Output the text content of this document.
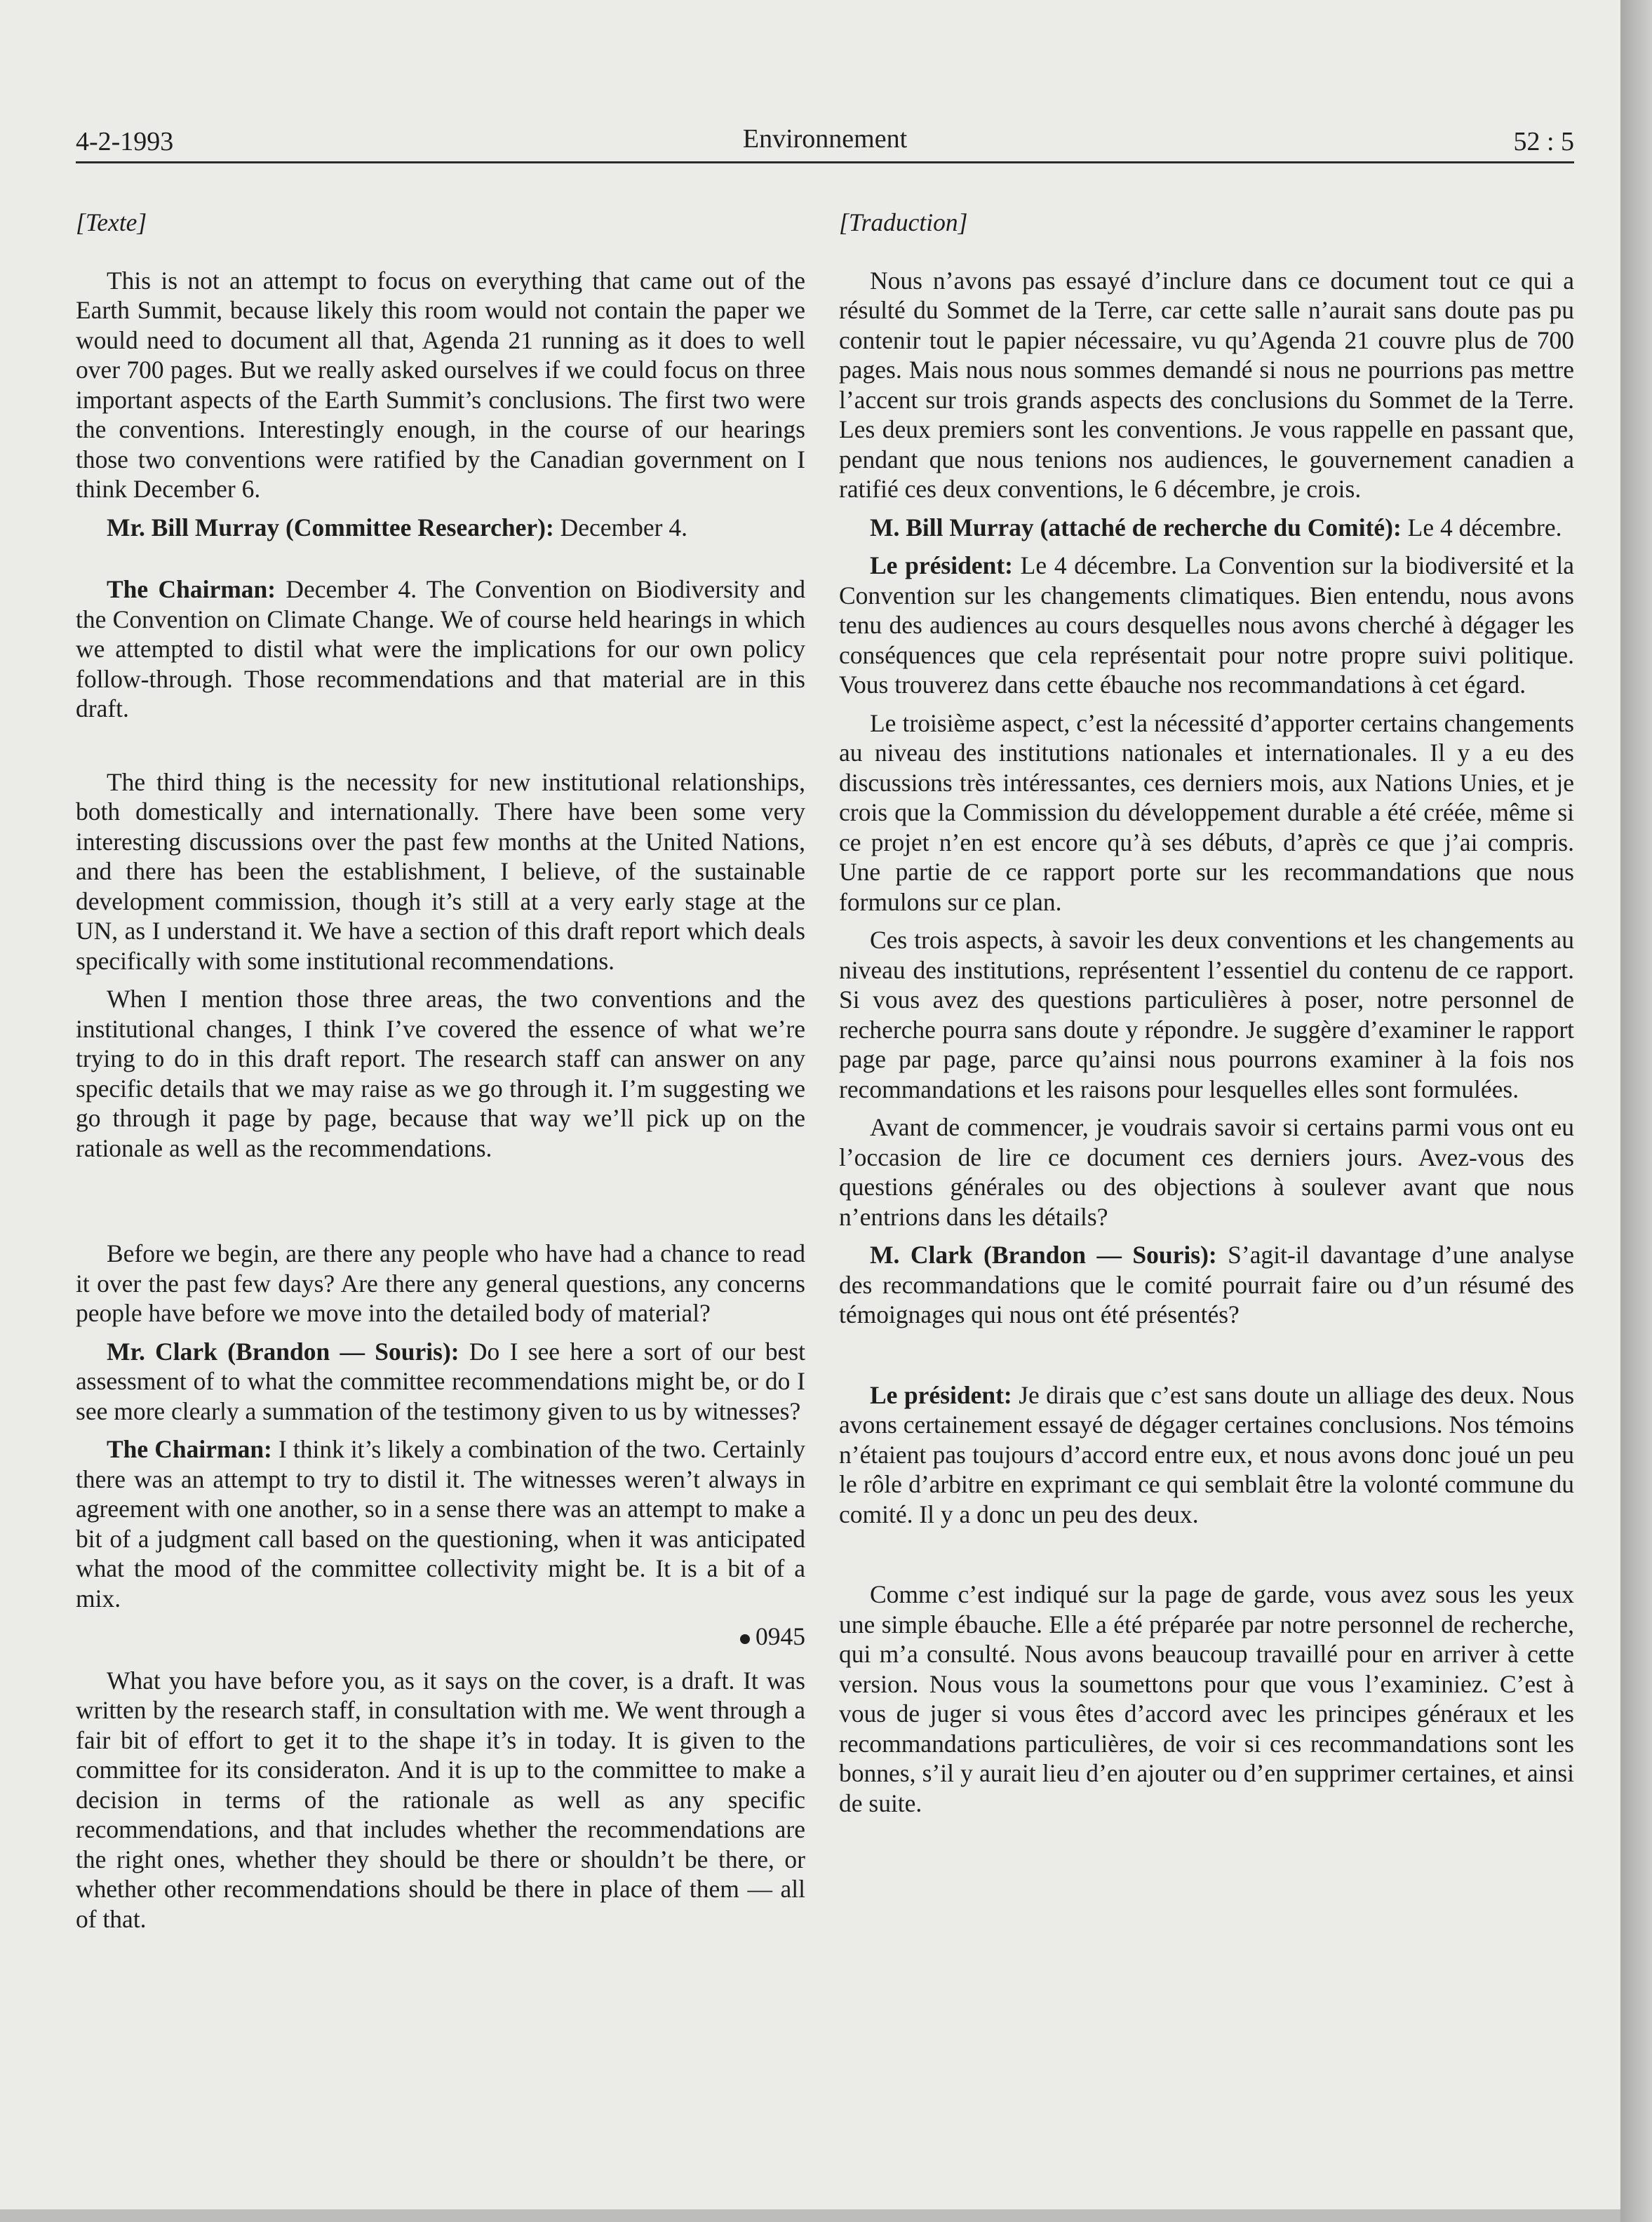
4-2-1993	Environnement	52 : 5

[Texte]

This is not an attempt to focus on everything that came out of the Earth Summit, because likely this room would not contain the paper we would need to document all that, Agenda 21 running as it does to well over 700 pages. But we really asked ourselves if we could focus on three important aspects of the Earth Summit’s conclusions. The first two were the conventions. Interestingly enough, in the course of our hearings those two conventions were ratified by the Canadian government on I think December 6.

Mr. Bill Murray (Committee Researcher): December 4.

The Chairman: December 4. The Convention on Biodiversity and the Convention on Climate Change. We of course held hearings in which we attempted to distil what were the implications for our own policy follow-through. Those recommendations and that material are in this draft.

The third thing is the necessity for new institutional relationships, both domestically and internationally. There have been some very interesting discussions over the past few months at the United Nations, and there has been the establishment, I believe, of the sustainable development commission, though it’s still at a very early stage at the UN, as I understand it. We have a section of this draft report which deals specifically with some institutional recommendations.

When I mention those three areas, the two conventions and the institutional changes, I think I’ve covered the essence of what we’re trying to do in this draft report. The research staff can answer on any specific details that we may raise as we go through it. I’m suggesting we go through it page by page, because that way we’ll pick up on the rationale as well as the recommendations.

Before we begin, are there any people who have had a chance to read it over the past few days? Are there any general questions, any concerns people have before we move into the detailed body of material?

Mr. Clark (Brandon — Souris): Do I see here a sort of our best assessment of to what the committee recommendations might be, or do I see more clearly a summation of the testimony given to us by witnesses?

The Chairman: I think it’s likely a combination of the two. Certainly there was an attempt to try to distil it. The witnesses weren’t always in agreement with one another, so in a sense there was an attempt to make a bit of a judgment call based on the questioning, when it was anticipated what the mood of the committee collectivity might be. It is a bit of a mix.

0945

What you have before you, as it says on the cover, is a draft. It was written by the research staff, in consultation with me. We went through a fair bit of effort to get it to the shape it’s in today. It is given to the committee for its consideraton. And it is up to the committee to make a decision in terms of the rationale as well as any specific recommendations, and that includes whether the recommendations are the right ones, whether they should be there or shouldn’t be there, or whether other recommendations should be there in place of them — all of that.

[Traduction]

Nous n’avons pas essayé d’inclure dans ce document tout ce qui a résulté du Sommet de la Terre, car cette salle n’aurait sans doute pas pu contenir tout le papier nécessaire, vu qu’Agenda 21 couvre plus de 700 pages. Mais nous nous sommes demandé si nous ne pourrions pas mettre l’accent sur trois grands aspects des conclusions du Sommet de la Terre. Les deux premiers sont les conventions. Je vous rappelle en passant que, pendant que nous tenions nos audiences, le gouvernement canadien a ratifié ces deux conventions, le 6 décembre, je crois.

M. Bill Murray (attaché de recherche du Comité): Le 4 décembre.

Le président: Le 4 décembre. La Convention sur la biodiversité et la Convention sur les changements climatiques. Bien entendu, nous avons tenu des audiences au cours desquelles nous avons cherché à dégager les conséquences que cela représentait pour notre propre suivi politique. Vous trouverez dans cette ébauche nos recommandations à cet égard.

Le troisième aspect, c’est la nécessité d’apporter certains changements au niveau des institutions nationales et internationales. Il y a eu des discussions très intéressantes, ces derniers mois, aux Nations Unies, et je crois que la Commission du développement durable a été créée, même si ce projet n’en est encore qu’à ses débuts, d’après ce que j’ai compris. Une partie de ce rapport porte sur les recommandations que nous formulons sur ce plan.

Ces trois aspects, à savoir les deux conventions et les changements au niveau des institutions, représentent l’essentiel du contenu de ce rapport. Si vous avez des questions particulières à poser, notre personnel de recherche pourra sans doute y répondre. Je suggère d’examiner le rapport page par page, parce qu’ainsi nous pourrons examiner à la fois nos recommandations et les raisons pour lesquelles elles sont formulées.

Avant de commencer, je voudrais savoir si certains parmi vous ont eu l’occasion de lire ce document ces derniers jours. Avez-vous des questions générales ou des objections à soulever avant que nous n’entrions dans les détails?

M. Clark (Brandon — Souris): S’agit-il davantage d’une analyse des recommandations que le comité pourrait faire ou d’un résumé des témoignages qui nous ont été présentés?

Le président: Je dirais que c’est sans doute un alliage des deux. Nous avons certainement essayé de dégager certaines conclusions. Nos témoins n’étaient pas toujours d’accord entre eux, et nous avons donc joué un peu le rôle d’arbitre en exprimant ce qui semblait être la volonté commune du comité. Il y a donc un peu des deux.

Comme c’est indiqué sur la page de garde, vous avez sous les yeux une simple ébauche. Elle a été préparée par notre personnel de recherche, qui m’a consulté. Nous avons beaucoup travaillé pour en arriver à cette version. Nous vous la soumettons pour que vous l’examiniez. C’est à vous de juger si vous êtes d’accord avec les principes généraux et les recommandations particulières, de voir si ces recommandations sont les bonnes, s’il y aurait lieu d’en ajouter ou d’en supprimer certaines, et ainsi de suite.
